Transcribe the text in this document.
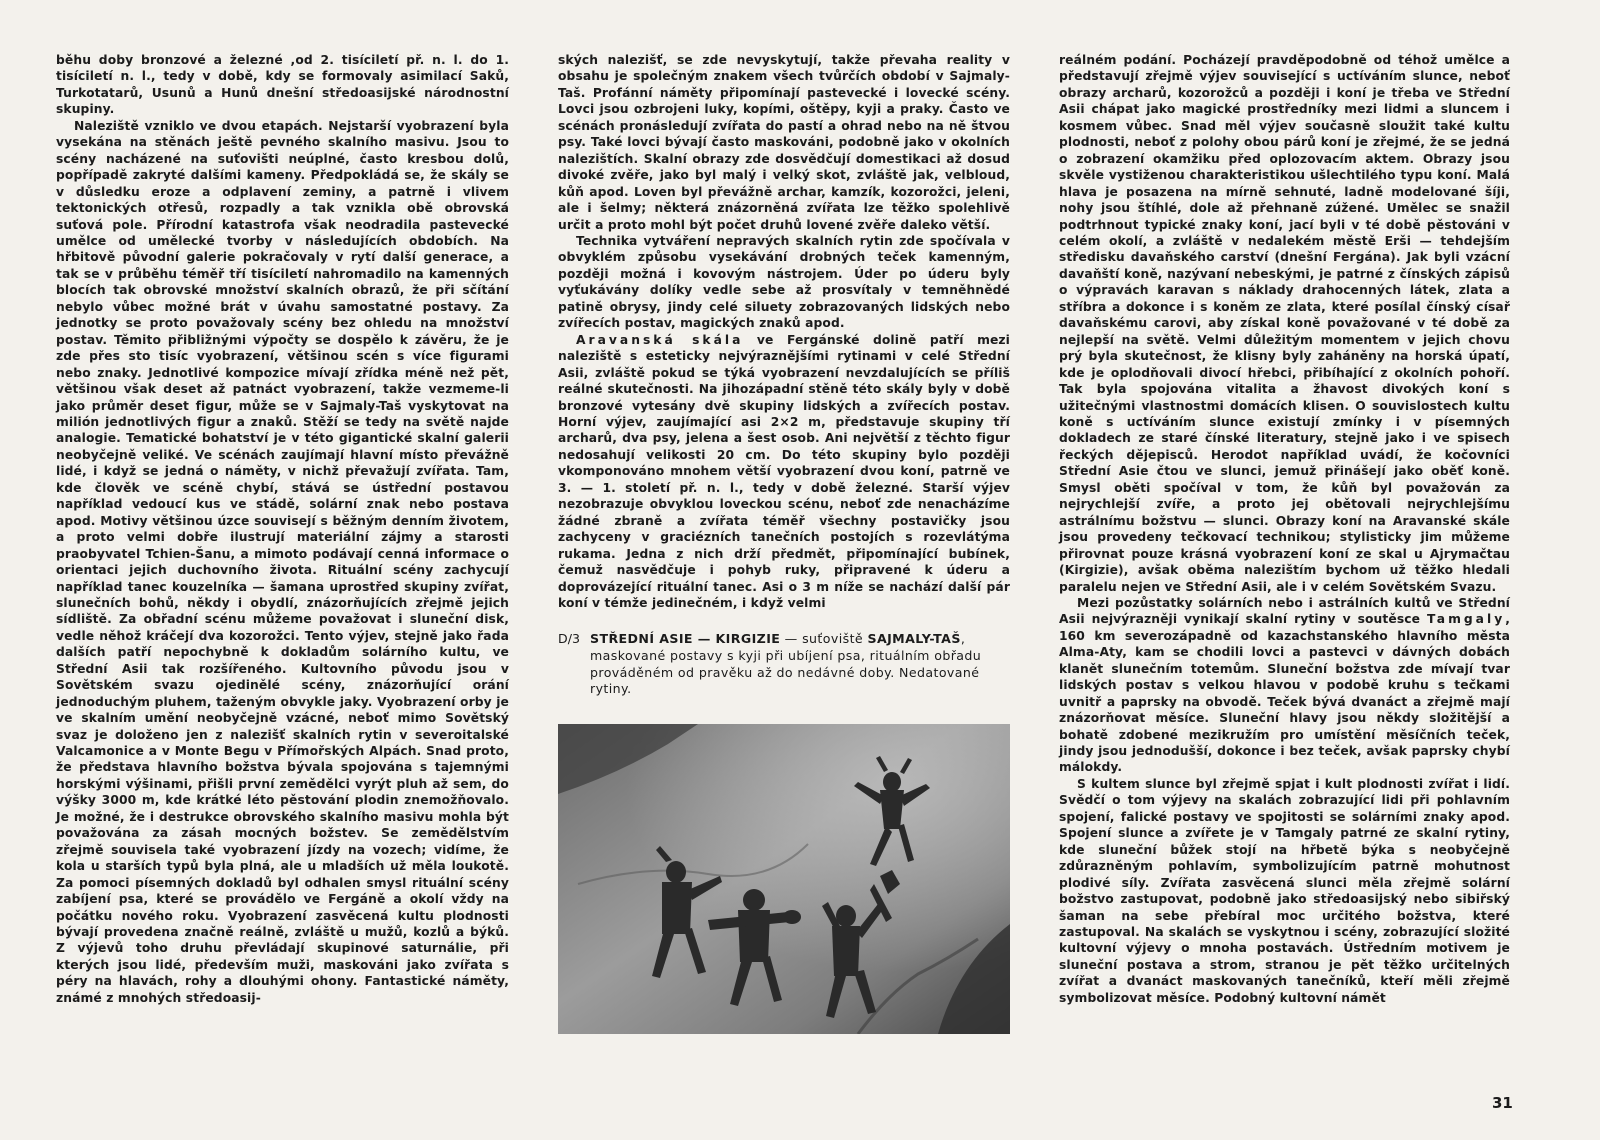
běhu doby bronzové a železné ,od 2. tisíciletí př. n. l. do 1. tisíciletí n. l., tedy v době, kdy se formovaly asimilací Saků, Turkotatarů, Usunů a Hunů dnešní středoasijské národnostní skupiny.

Naleziště vzniklo ve dvou etapách. Nejstarší vyobrazení byla vysekána na stěnách ještě pevného skalního masivu. Jsou to scény nacházené na suťovišti neúplné, často kresbou dolů, popřípadě zakryté dalšími kameny. Předpokládá se, že skály se v důsledku eroze a odplavení zeminy, a patrně i vlivem tektonických otřesů, rozpadly a tak vznikla obě obrovská suťová pole. Přírodní katastrofa však neodradila pastevecké umělce od umělecké tvorby v následujících obdobích. Na hřbitově původní galerie pokračovaly v rytí další generace, a tak se v průběhu téměř tří tisíciletí nahromadilo na kamenných blocích tak obrovské množství skalních obrazů, že při sčítání nebylo vůbec možné brát v úvahu samostatné postavy. Za jednotky se proto považovaly scény bez ohledu na množství postav. Těmito přibližnými výpočty se dospělo k závěru, že je zde přes sto tisíc vyobrazení, většinou scén s více figurami nebo znaky. Jednotlivé kompozice mívají zřídka méně než pět, většinou však deset až patnáct vyobrazení, takže vezmeme-li jako průměr deset figur, může se v Sajmaly-Taš vyskytovat na milión jednotlivých figur a znaků. Stěží se tedy na světě najde analogie. Tematické bohatství je v této gigantické skalní galerii neobyčejně veliké. Ve scénách zaujímají hlavní místo převážně lidé, i když se jedná o náměty, v nichž převažují zvířata. Tam, kde člověk ve scéně chybí, stává se ústřední postavou například vedoucí kus ve stádě, solární znak nebo postava apod. Motivy většinou úzce souvisejí s běžným denním životem, a proto velmi dobře ilustrují materiální zájmy a starosti praobyvatel Tchien-Šanu, a mimoto podávají cenná informace o orientaci jejich duchovního života. Rituální scény zachycují například tanec kouzelníka — šamana uprostřed skupiny zvířat, slunečních bohů, někdy i obydlí, znázorňujících zřejmě jejich sídliště. Za obřadní scénu můžeme považovat i sluneční disk, vedle něhož kráčejí dva kozorožci. Tento výjev, stejně jako řada dalších patří nepochybně k dokladům solárního kultu, ve Střední Asii tak rozšířeného. Kultovního původu jsou v Sovětském svazu ojedinělé scény, znázorňující orání jednoduchým pluhem, taženým obvykle jaky. Vyobrazení orby je ve skalním umění neobyčejně vzácné, neboť mimo Sovětský svaz je doloženo jen z nalezišť skalních rytin v severoitalské Valcamonice a v Monte Begu v Přímořských Alpách. Snad proto, že představa hlavního božstva bývala spojována s tajemnými horskými výšinami, přišli první zemědělci vyrýt pluh až sem, do výšky 3000 m, kde krátké léto pěstování plodin znemožňovalo. Je možné, že i destrukce obrovského skalního masivu mohla být považována za zásah mocných božstev. Se zemědělstvím zřejmě souvisela také vyobrazení jízdy na vozech; vidíme, že kola u starších typů byla plná, ale u mladších už měla loukotě. Za pomoci písemných dokladů byl odhalen smysl rituální scény zabíjení psa, které se provádělo ve Fergáně a okolí vždy na počátku nového roku. Vyobrazení zasvěcená kultu plodnosti bývají provedena značně reálně, zvláště u mužů, kozlů a býků. Z výjevů toho druhu převládají skupinové saturnálie, při kterých jsou lidé, především muži, maskováni jako zvířata s péry na hlavách, rohy a dlouhými ohony. Fantastické náměty, známé z mnohých středoasij-

ských nalezišť, se zde nevyskytují, takže převaha reality v obsahu je společným znakem všech tvůrčích období v Sajmaly-Taš. Profánní náměty připomínají pastevecké i lovecké scény. Lovci jsou ozbrojeni luky, kopími, oštěpy, kyji a praky. Často ve scénách pronásledují zvířata do pastí a ohrad nebo na ně štvou psy. Také lovci bývají často maskováni, podobně jako v okolních nalezištích. Skalní obrazy zde dosvědčují domestikaci až dosud divoké zvěře, jako byl malý i velký skot, zvláště jak, velbloud, kůň apod. Loven byl převážně archar, kamzík, kozorožci, jeleni, ale i šelmy; některá znázorněná zvířata lze těžko spolehlivě určit a proto mohl být počet druhů lovené zvěře daleko větší.

Technika vytváření nepravých skalních rytin zde spočívala v obvyklém způsobu vysekávání drobných teček kamenným, později možná i kovovým nástrojem. Úder po úderu byly vyťukávány dolíky vedle sebe až prosvítaly v temněhnědé patině obrysy, jindy celé siluety zobrazovaných lidských nebo zvířecích postav, magických znaků apod.

Aravanská skála ve Fergánské dolině patří mezi naleziště s esteticky nejvýraznějšími rytinami v celé Střední Asii, zvláště pokud se týká vyobrazení nevzdalujících se příliš reálné skutečnosti. Na jihozápadní stěně této skály byly v době bronzové vytesány dvě skupiny lidských a zvířecích postav. Horní výjev, zaujímající asi 2×2 m, představuje skupiny tří archarů, dva psy, jelena a šest osob. Ani největší z těchto figur nedosahují velikosti 20 cm. Do této skupiny bylo později vkomponováno mnohem větší vyobrazení dvou koní, patrně ve 3. — 1. století př. n. l., tedy v době železné. Starší výjev nezobrazuje obvyklou loveckou scénu, neboť zde nenacházíme žádné zbraně a zvířata téměř všechny postavičky jsou zachyceny v graciézních tanečních postojích s rozevlátýma rukama. Jedna z nich drží předmět, připomínající bubínek, čemuž nasvědčuje i pohyb ruky, připravené k úderu a doprovázející rituální tanec. Asi o 3 m níže se nachází další pár koní v témže jedinečném, i když velmi

D/3 STŘEDNÍ ASIE — KIRGIZIE — suťoviště SAJMALY-TAŠ, maskované postavy s kyji při ubíjení psa, rituálním obřadu prováděném od pravěku až do nedávné doby. Nedatované rytiny.

reálném podání. Pocházejí pravděpodobně od téhož umělce a představují zřejmě výjev související s uctíváním slunce, neboť obrazy archarů, kozorožců a později i koní je třeba ve Střední Asii chápat jako magické prostředníky mezi lidmi a sluncem i kosmem vůbec. Snad měl výjev současně sloužit také kultu plodnosti, neboť z polohy obou párů koní je zřejmé, že se jedná o zobrazení okamžiku před oplozovacím aktem. Obrazy jsou skvěle vystiženou charakteristikou ušlechtilého typu koní. Malá hlava je posazena na mírně sehnuté, ladně modelované šíji, nohy jsou štíhlé, dole až přehnaně zúžené. Umělec se snažil podtrhnout typické znaky koní, jací byli v té době pěstováni v celém okolí, a zvláště v nedalekém městě Erši — tehdejším středisku davaňského carství (dnešní Fergána). Jak byli vzácní davaňští koně, nazývaní nebeskými, je patrné z čínských zápisů o výpravách karavan s náklady drahocenných látek, zlata a stříbra a dokonce i s koněm ze zlata, které posílal čínský císař davaňskému carovi, aby získal koně považované v té době za nejlepší na světě. Velmi důležitým momentem v jejich chovu prý byla skutečnost, že klisny byly zaháněny na horská úpatí, kde je oplodňovali divocí hřebci, přibíhající z okolních pohoří. Tak byla spojována vitalita a žhavost divokých koní s užitečnými vlastnostmi domácích klisen. O souvislostech kultu koně s uctíváním slunce existují zmínky i v písemných dokladech ze staré čínské literatury, stejně jako i ve spisech řeckých dějepisců. Herodot například uvádí, že kočovníci Střední Asie čtou ve slunci, jemuž přinášejí jako oběť koně. Smysl oběti spočíval v tom, že kůň byl považován za nejrychlejší zvíře, a proto jej obětovali nejrychlejšímu astrálnímu božstvu — slunci. Obrazy koní na Aravanské skále jsou provedeny tečkovací technikou; stylisticky jim můžeme přirovnat pouze krásná vyobrazení koní ze skal u Ajrymačtau (Kirgizie), avšak oběma nalezištím bychom už těžko hledali paralelu nejen ve Střední Asii, ale i v celém Sovětském Svazu.

Mezi pozůstatky solárních nebo i astrálních kultů ve Střední Asii nejvýrazněji vynikají skalní rytiny v soutěsce Tamgaly, 160 km severozápadně od kazachstanského hlavního města Alma-Aty, kam se chodili lovci a pastevci v dávných dobách klanět slunečním totemům. Sluneční božstva zde mívají tvar lidských postav s velkou hlavou v podobě kruhu s tečkami uvnitř a paprsky na obvodě. Teček bývá dvanáct a zřejmě mají znázorňovat měsíce. Sluneční hlavy jsou někdy složitější a bohatě zdobené mezikružím pro umístění měsíčních teček, jindy jsou jednodušší, dokonce i bez teček, avšak paprsky chybí málokdy.

S kultem slunce byl zřejmě spjat i kult plodnosti zvířat i lidí. Svědčí o tom výjevy na skalách zobrazující lidi při pohlavním spojení, falické postavy ve spojitosti se solárními znaky apod. Spojení slunce a zvířete je v Tamgaly patrné ze skalní rytiny, kde sluneční bůžek stojí na hřbetě býka s neobyčejně zdůrazněným pohlavím, symbolizujícím patrně mohutnost plodivé síly. Zvířata zasvěcená slunci měla zřejmě solární božstvo zastupovat, podobně jako středoasijský nebo sibiřský šaman na sebe přebíral moc určitého božstva, které zastupoval. Na skalách se vyskytnou i scény, zobrazující složité kultovní výjevy o mnoha postavách. Ústředním motivem je sluneční postava a strom, stranou je pět těžko určitelných zvířat a dvanáct maskovaných tanečníků, kteří měli zřejmě symbolizovat měsíce. Podobný kultovní námět

31
